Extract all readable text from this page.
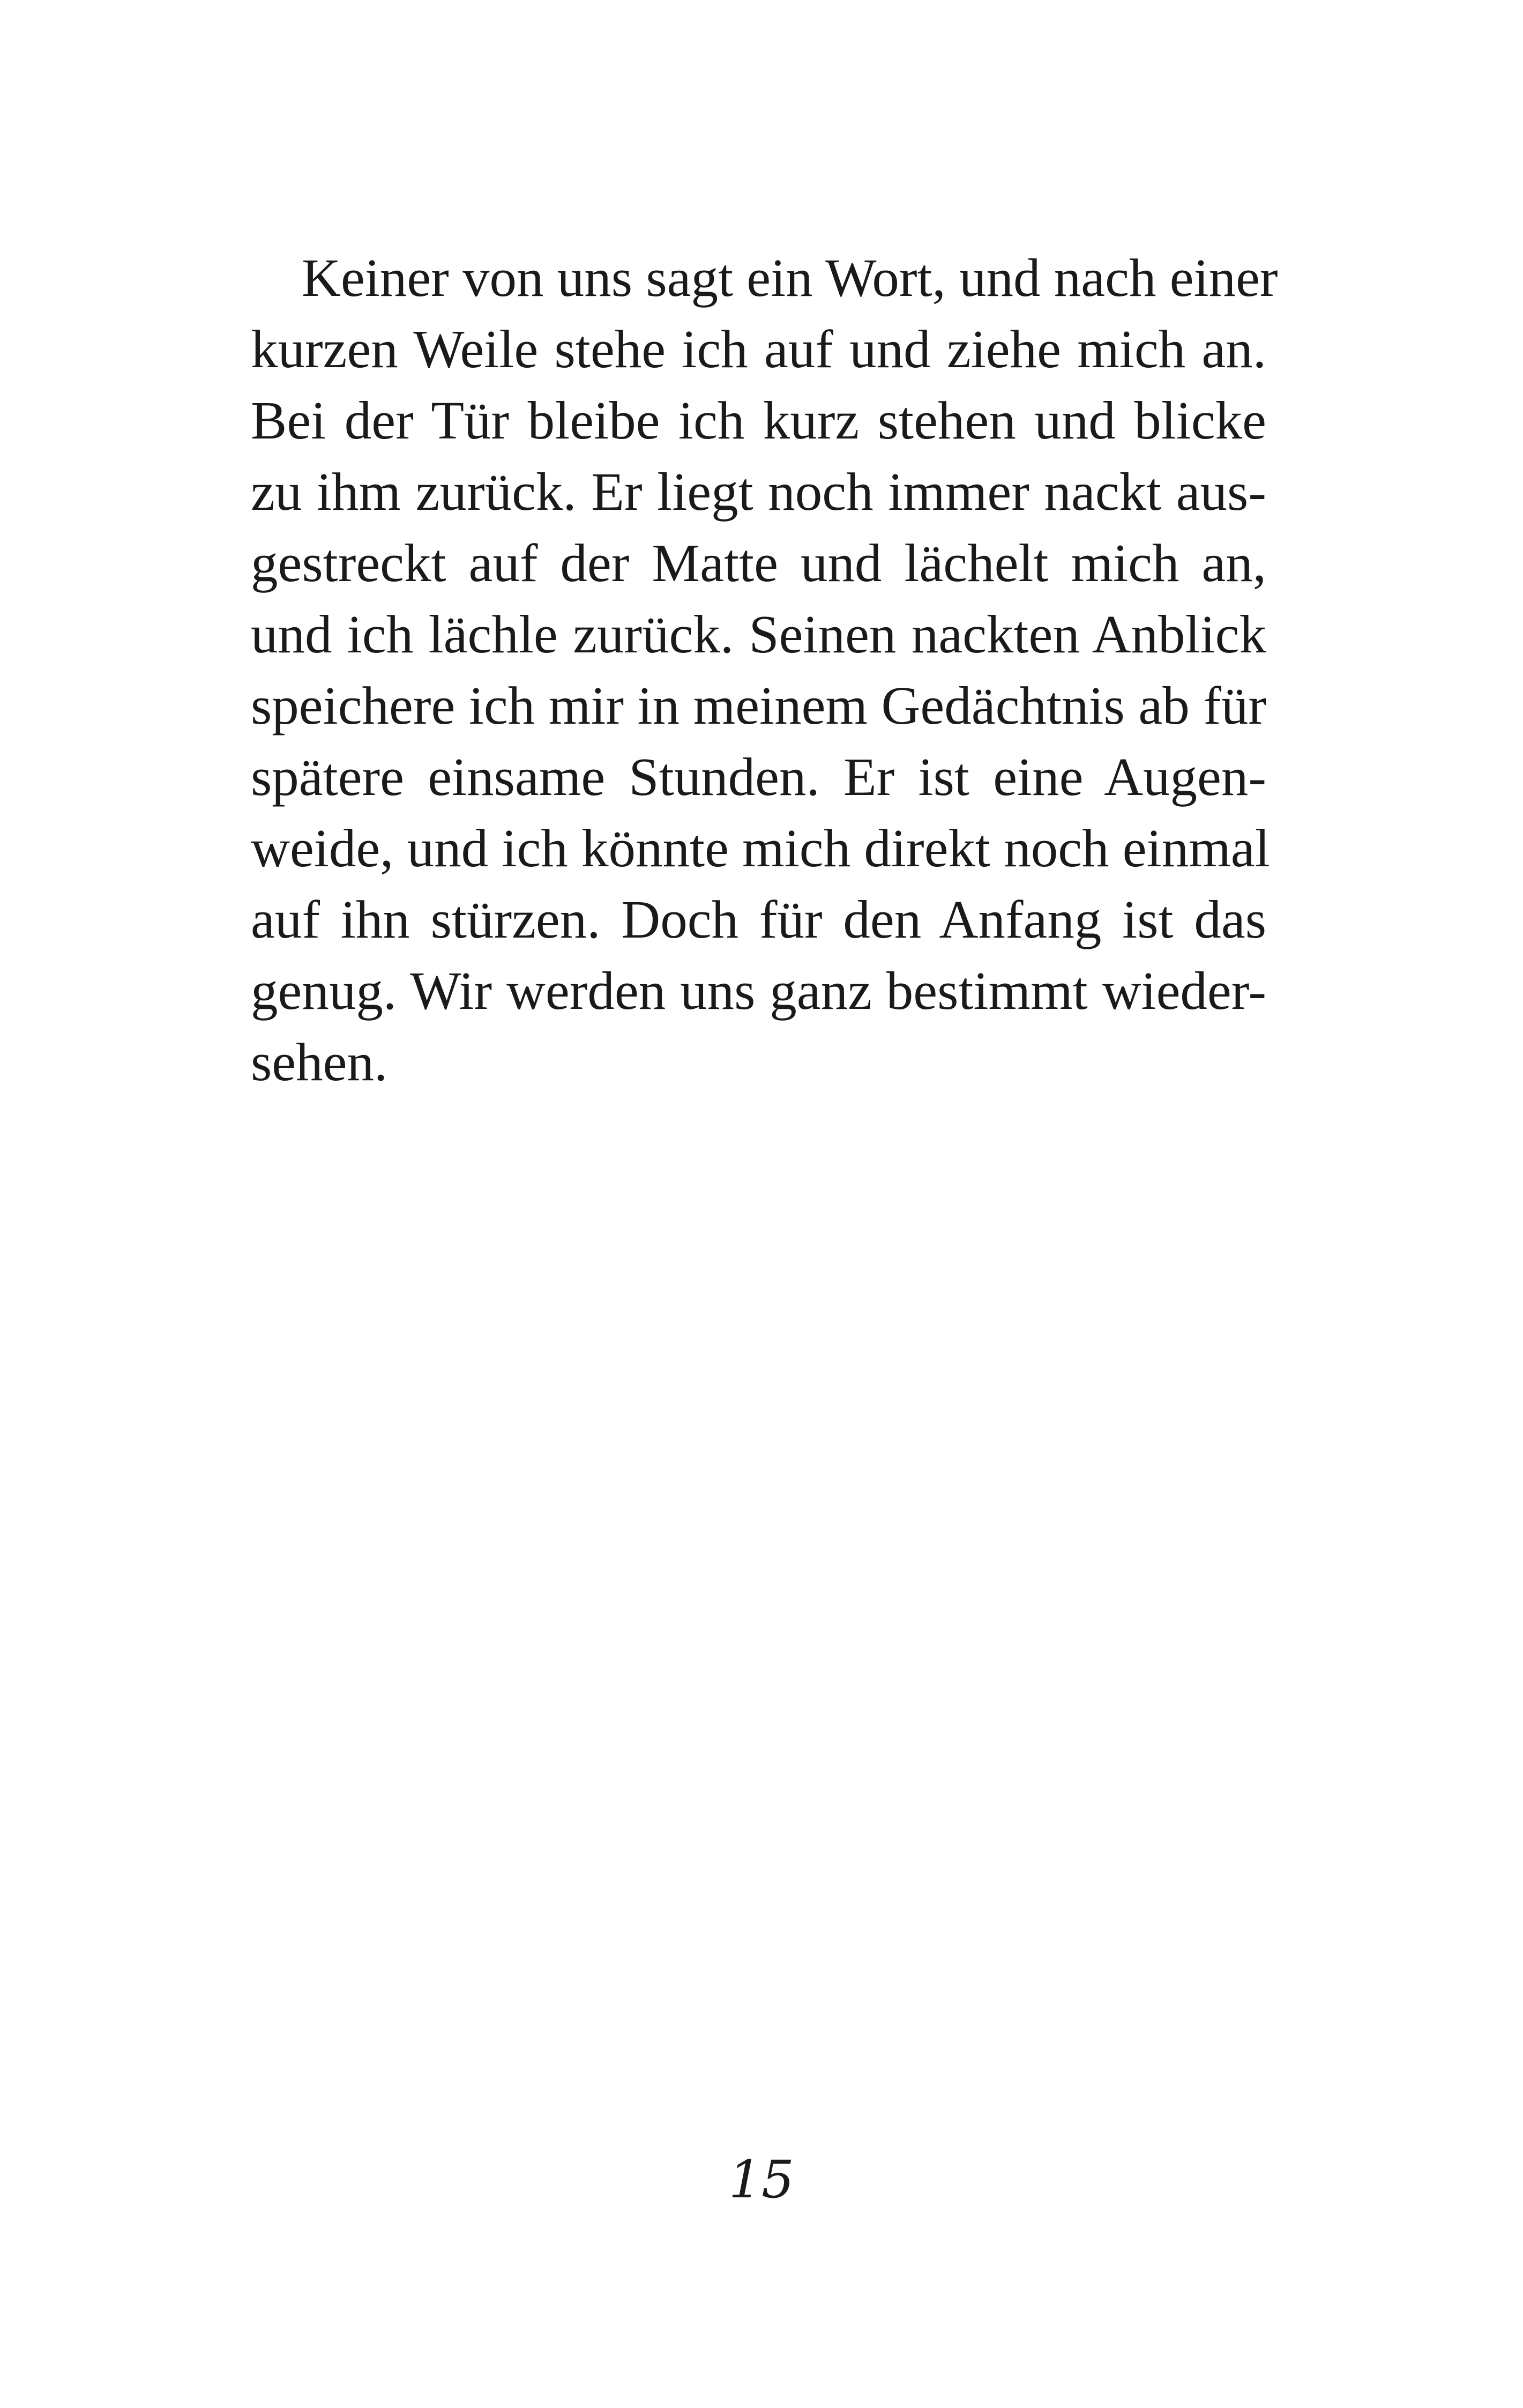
Keiner von uns sagt ein Wort, und nach einer
kurzen Weile stehe ich auf und ziehe mich an.
Bei der Tür bleibe ich kurz stehen und blicke
zu ihm zurück. Er liegt noch immer nackt aus-
gestreckt auf der Matte und lächelt mich an,
und ich lächle zurück. Seinen nackten Anblick
speichere ich mir in meinem Gedächtnis ab für
spätere einsame Stunden. Er ist eine Augen-
weide, und ich könnte mich direkt noch einmal
auf ihn stürzen. Doch für den Anfang ist das
genug. Wir werden uns ganz bestimmt wieder-
sehen.
15
